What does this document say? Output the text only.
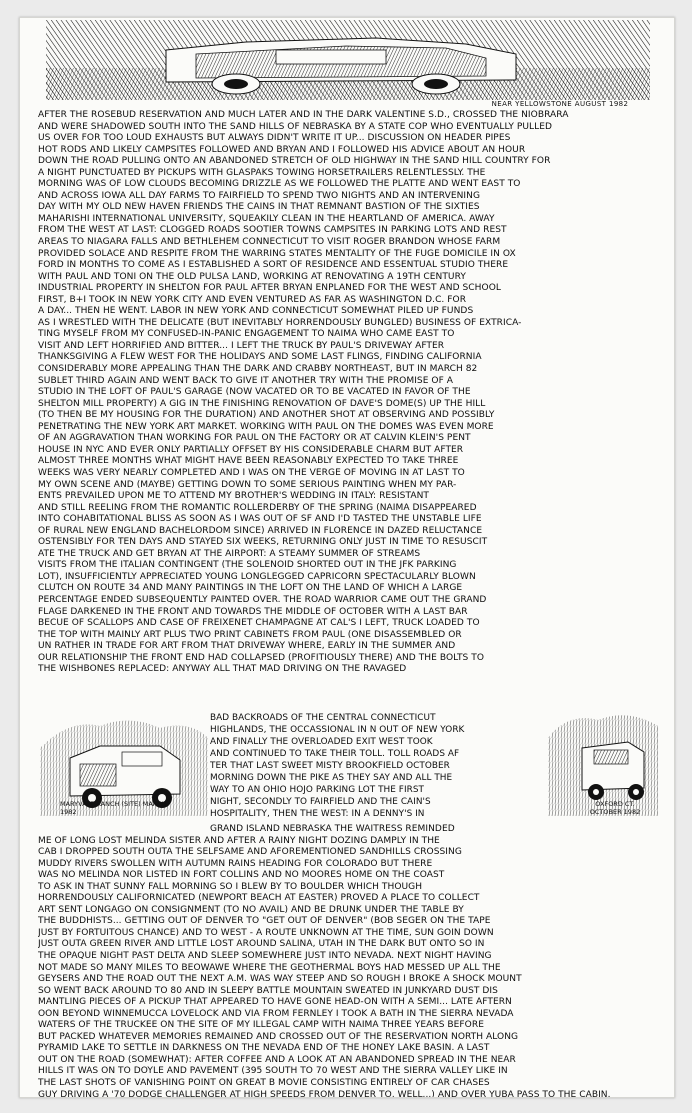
NEAR YELLOWSTONE AUGUST 1982

AFTER THE ROSEBUD RESERVATION AND MUCH LATER AND IN THE DARK VALENTINE S.D., CROSSED THE NIOBRARA

AND WERE SHADOWED SOUTH INTO THE SAND HILLS OF NEBRASKA BY A STATE COP WHO EVENTUALLY PULLED

US OVER FOR TOO LOUD EXHAUSTS BUT ALWAYS DIDN'T WRITE IT UP... DISCUSSION ON HEADER PIPES

HOT RODS AND LIKELY CAMPSITES FOLLOWED AND BRYAN AND I FOLLOWED HIS ADVICE ABOUT AN HOUR

DOWN THE ROAD PULLING ONTO AN ABANDONED STRETCH OF OLD HIGHWAY IN THE SAND HILL COUNTRY FOR

A NIGHT PUNCTUATED BY PICKUPS WITH GLASPAKS TOWING HORSETRAILERS RELENTLESSLY. THE

MORNING WAS OF LOW CLOUDS BECOMING DRIZZLE AS WE FOLLOWED THE PLATTE AND WENT EAST TO

AND ACROSS IOWA ALL DAY FARMS TO FAIRFIELD TO SPEND TWO NIGHTS AND AN INTERVENING

DAY WITH MY OLD NEW HAVEN FRIENDS THE CAINS IN THAT REMNANT BASTION OF THE SIXTIES

MAHARISHI INTERNATIONAL UNIVERSITY, SQUEAKILY CLEAN IN THE HEARTLAND OF AMERICA. AWAY

FROM THE WEST AT LAST: CLOGGED ROADS SOOTIER TOWNS CAMPSITES IN PARKING LOTS AND REST

AREAS TO NIAGARA FALLS AND BETHLEHEM CONNECTICUT TO VISIT ROGER BRANDON WHOSE FARM

PROVIDED SOLACE AND RESPITE FROM THE WARRING STATES MENTALITY OF THE FUGE DOMICILE IN OX

FORD IN MONTHS TO COME AS I ESTABLISHED A SORT OF RESIDENCE AND ESSENTUAL STUDIO THERE

WITH PAUL AND TONI ON THE OLD PULSA LAND, WORKING AT RENOVATING A 19TH CENTURY

INDUSTRIAL PROPERTY IN SHELTON FOR PAUL AFTER BRYAN ENPLANED FOR THE WEST AND SCHOOL

FIRST, B+I TOOK IN NEW YORK CITY AND EVEN VENTURED AS FAR AS WASHINGTON D.C. FOR

A DAY... THEN HE WENT. LABOR IN NEW YORK AND CONNECTICUT SOMEWHAT PILED UP FUNDS

AS I WRESTLED WITH THE DELICATE (BUT INEVITABLY HORRENDOUSLY BUNGLED) BUSINESS OF EXTRICA-

TING MYSELF FROM MY CONFUSED-IN-PANIC ENGAGEMENT TO NAIMA WHO CAME EAST TO

VISIT AND LEFT HORRIFIED AND BITTER... I LEFT THE TRUCK BY PAUL'S DRIVEWAY AFTER

THANKSGIVING A FLEW WEST FOR THE HOLIDAYS AND SOME LAST FLINGS, FINDING CALIFORNIA

CONSIDERABLY MORE APPEALING THAN THE DARK AND CRABBY NORTHEAST, BUT IN MARCH 82

SUBLET THIRD AGAIN AND WENT BACK TO GIVE IT ANOTHER TRY WITH THE PROMISE OF A

STUDIO IN THE LOFT OF PAUL'S GARAGE (NOW VACATED OR TO BE VACATED IN FAVOR OF THE

SHELTON MILL PROPERTY) A GIG IN THE FINISHING RENOVATION OF DAVE'S DOME(S) UP THE HILL

(TO THEN BE MY HOUSING FOR THE DURATION) AND ANOTHER SHOT AT OBSERVING AND POSSIBLY

PENETRATING THE NEW YORK ART MARKET. WORKING WITH PAUL ON THE DOMES WAS EVEN MORE

OF AN AGGRAVATION THAN WORKING FOR PAUL ON THE FACTORY OR AT CALVIN KLEIN'S PENT

HOUSE IN NYC AND EVER ONLY PARTIALLY OFFSET BY HIS CONSIDERABLE CHARM BUT AFTER

ALMOST THREE MONTHS WHAT MIGHT HAVE BEEN REASONABLY EXPECTED TO TAKE THREE

WEEKS WAS VERY NEARLY COMPLETED AND I WAS ON THE VERGE OF MOVING IN AT LAST TO

MY OWN SCENE AND (MAYBE) GETTING DOWN TO SOME SERIOUS PAINTING WHEN MY PAR-

ENTS PREVAILED UPON ME TO ATTEND MY BROTHER'S WEDDING IN ITALY: RESISTANT

AND STILL REELING FROM THE ROMANTIC ROLLERDERBY OF THE SPRING (NAIMA DISAPPEARED

INTO COHABITATIONAL BLISS AS SOON AS I WAS OUT OF SF AND I'D TASTED THE UNSTABLE LIFE

OF RURAL NEW ENGLAND BACHELORDOM SINCE) ARRIVED IN FLORENCE IN DAZED RELUCTANCE

OSTENSIBLY FOR TEN DAYS AND STAYED SIX WEEKS, RETURNING ONLY JUST IN TIME TO RESUSCIT

ATE THE TRUCK AND GET BRYAN AT THE AIRPORT: A STEAMY SUMMER OF STREAMS

VISITS FROM THE ITALIAN CONTINGENT (THE SOLENOID SHORTED OUT IN THE JFK PARKING

LOT), INSUFFICIENTLY APPRECIATED YOUNG LONGLEGGED CAPRICORN SPECTACULARLY BLOWN

CLUTCH ON ROUTE 34 AND MANY PAINTINGS IN THE LOFT ON THE LAND OF WHICH A LARGE

PERCENTAGE ENDED SUBSEQUENTLY PAINTED OVER. THE ROAD WARRIOR CAME OUT THE GRAND

FLAGE DARKENED IN THE FRONT AND TOWARDS THE MIDDLE OF OCTOBER WITH A LAST BAR

BECUE OF SCALLOPS AND CASE OF FREIXENET CHAMPAGNE AT CAL'S I LEFT, TRUCK LOADED TO

THE TOP WITH MAINLY ART PLUS TWO PRINT CABINETS FROM PAUL (ONE DISASSEMBLED OR

UN RATHER IN TRADE FOR ART FROM THAT DRIVEWAY WHERE, EARLY IN THE SUMMER AND

OUR RELATIONSHIP THE FRONT END HAD COLLAPSED (PROFITIOUSLY THERE) AND THE BOLTS TO

THE WISHBONES REPLACED: ANYWAY ALL THAT MAD DRIVING ON THE RAVAGED

MARYVALE RANCH (SITE) MARCH 1982

BAD BACKROADS OF THE CENTRAL CONNECTICUT

HIGHLANDS, THE OCCASSIONAL IN N OUT OF NEW YORK

AND FINALLY THE OVERLOADED EXIT WEST TOOK

AND CONTINUED TO TAKE THEIR TOLL. TOLL ROADS AF

TER THAT LAST SWEET MISTY BROOKFIELD OCTOBER

MORNING DOWN THE PIKE AS THEY SAY AND ALL THE

WAY TO AN OHIO HOJO PARKING LOT THE FIRST

NIGHT, SECONDLY TO FAIRFIELD AND THE CAIN'S

HOSPITALITY, THEN THE WEST: IN A DENNY'S IN

OXFORD CT. OCTOBER 1982

GRAND ISLAND NEBRASKA THE WAITRESS REMINDED

ME OF LONG LOST MELINDA SISTER AND AFTER A RAINY NIGHT DOZING DAMPLY IN THE

CAB I DROPPED SOUTH OUTA THE SELFSAME AND AFOREMENTIONED SANDHILLS CROSSING

MUDDY RIVERS SWOLLEN WITH AUTUMN RAINS HEADING FOR COLORADO BUT THERE

WAS NO MELINDA NOR LISTED IN FORT COLLINS AND NO MOORES HOME ON THE COAST

TO ASK IN THAT SUNNY FALL MORNING SO I BLEW BY TO BOULDER WHICH THOUGH

HORRENDOUSLY CALIFORNICATED (NEWPORT BEACH AT EASTER) PROVED A PLACE TO COLLECT

ART SENT LONGAGO ON CONSIGNMENT (TO NO AVAIL) AND BE DRUNK UNDER THE TABLE BY

THE BUDDHISTS... GETTING OUT OF DENVER TO "GET OUT OF DENVER" (BOB SEGER ON THE TAPE

JUST BY FORTUITOUS CHANCE) AND TO WEST - A ROUTE UNKNOWN AT THE TIME, SUN GOIN DOWN

JUST OUTA GREEN RIVER AND LITTLE LOST AROUND SALINA, UTAH IN THE DARK BUT ONTO SO IN

THE OPAQUE NIGHT PAST DELTA AND SLEEP SOMEWHERE JUST INTO NEVADA. NEXT NIGHT HAVING

NOT MADE SO MANY MILES TO BEOWAWE WHERE THE GEOTHERMAL BOYS HAD MESSED UP ALL THE

GEYSERS AND THE ROAD OUT THE NEXT A.M. WAS WAY STEEP AND SO ROUGH I BROKE A SHOCK MOUNT

SO WENT BACK AROUND TO 80 AND IN SLEEPY BATTLE MOUNTAIN SWEATED IN JUNKYARD DUST DIS

MANTLING PIECES OF A PICKUP THAT APPEARED TO HAVE GONE HEAD-ON WITH A SEMI... LATE AFTERN

OON BEYOND WINNEMUCCA LOVELOCK AND VIA FROM FERNLEY I TOOK A BATH IN THE SIERRA NEVADA

WATERS OF THE TRUCKEE ON THE SITE OF MY ILLEGAL CAMP WITH NAIMA THREE YEARS BEFORE

BUT PACKED WHATEVER MEMORIES REMAINED AND CROSSED OUT OF THE RESERVATION NORTH ALONG

PYRAMID LAKE TO SETTLE IN DARKNESS ON THE NEVADA END OF THE HONEY LAKE BASIN. A LAST

OUT ON THE ROAD (SOMEWHAT): AFTER COFFEE AND A LOOK AT AN ABANDONED SPREAD IN THE NEAR

HILLS IT WAS ON TO DOYLE AND PAVEMENT (395 SOUTH TO 70 WEST AND THE SIERRA VALLEY LIKE IN

THE LAST SHOTS OF VANISHING POINT ON GREAT B MOVIE CONSISTING ENTIRELY OF CAR CHASES

GUY DRIVING A '70 DODGE CHALLENGER AT HIGH SPEEDS FROM DENVER TO, WELL...) AND OVER YUBA PASS TO THE CABIN.
